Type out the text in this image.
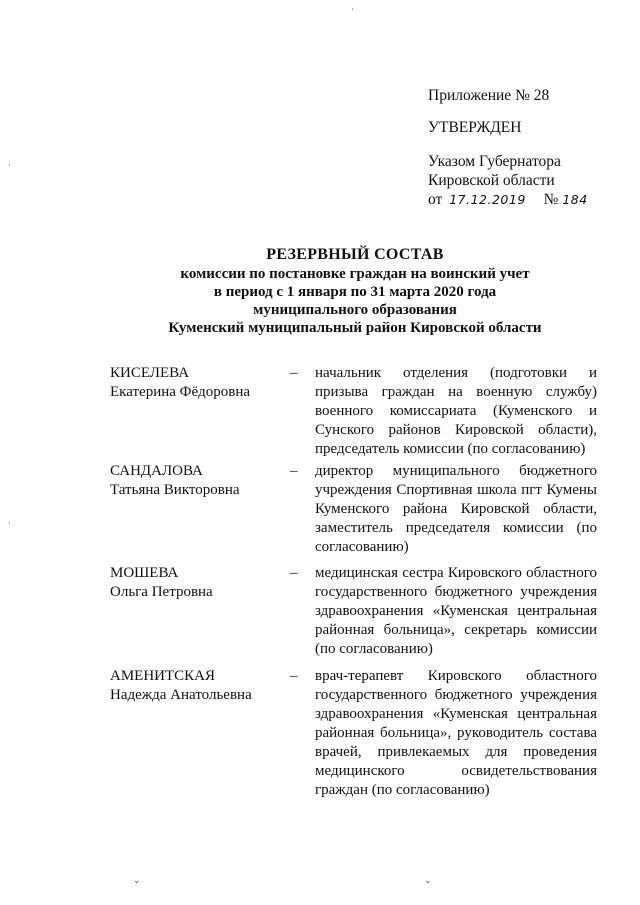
·
Приложение № 28
УТВЕРЖДЕН
Указом Губернатора
Кировской области
от 17.12.2019 № 184
РЕЗЕРВНЫЙ СОСТАВ
комиссии по постановке граждан на воинский учет
в период с 1 января по 31 марта 2020 года
муниципального образования
Куменский муниципальный район Кировской области
КИСЕЛЕВА
Екатерина Фёдоровна
– начальник отделения (подготовки и призыва граждан на военную службу) военного комиссариата (Куменского и Сунского районов Кировской области), председатель комиссии (по согласованию)
САНДАЛОВА
Татьяна Викторовна
– директор муниципального бюджетного учреждения Спортивная школа пгт Кумены Куменского района Кировской области, заместитель председателя комиссии (по согласованию)
МОШЕВА
Ольга Петровна
– медицинская сестра Кировского областного государственного бюджетного учреждения здравоохранения «Куменская центральная районная больница», секретарь комиссии (по согласованию)
АМЕНИТСКАЯ
Надежда Анатольевна
– врач-терапевт Кировского областного государственного бюджетного учреждения здравоохранения «Куменская центральная районная больница», руководитель состава врачей, привлекаемых для проведения медицинского освидетельствования граждан (по согласованию)
⌄	⌄
·
·
